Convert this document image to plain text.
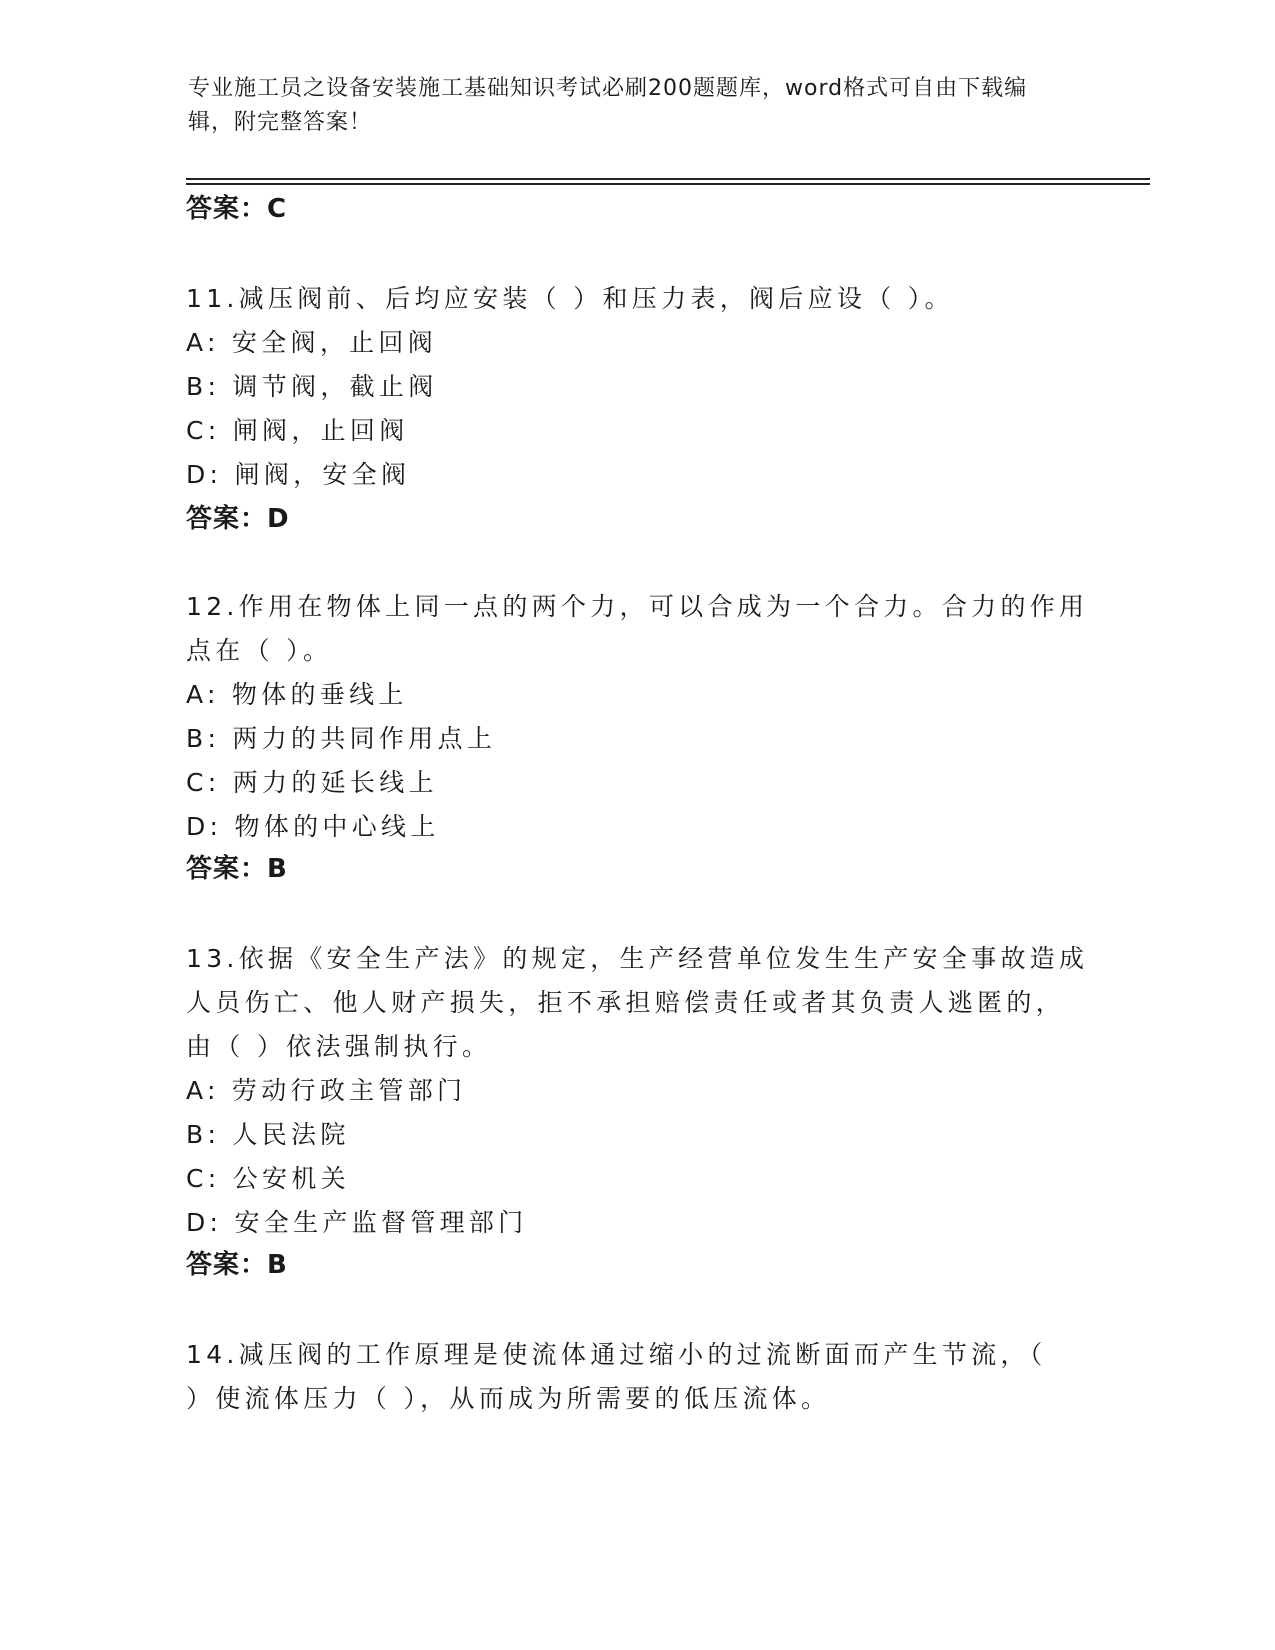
专业施工员之设备安装施工基础知识考试必刷200题题库，word格式可自由下载编辑，附完整答案！
答案：C
11.减压阀前、后均应安装（ ）和压力表，阀后应设（ ）。
A: 安全阀，止回阀
B: 调节阀，截止阀
C: 闸阀，止回阀
D: 闸阀，安全阀
答案：D
12.作用在物体上同一点的两个力，可以合成为一个合力。合力的作用
点在（ ）。
A: 物体的垂线上
B: 两力的共同作用点上
C: 两力的延长线上
D: 物体的中心线上
答案：B
13.依据《安全生产法》的规定，生产经营单位发生生产安全事故造成
人员伤亡、他人财产损失，拒不承担赔偿责任或者其负责人逃匿的，
由（ ）依法强制执行。
A: 劳动行政主管部门
B: 人民法院
C: 公安机关
D: 安全生产监督管理部门
答案：B
14.减压阀的工作原理是使流体通过缩小的过流断面而产生节流，（
）使流体压力（ ），从而成为所需要的低压流体。
